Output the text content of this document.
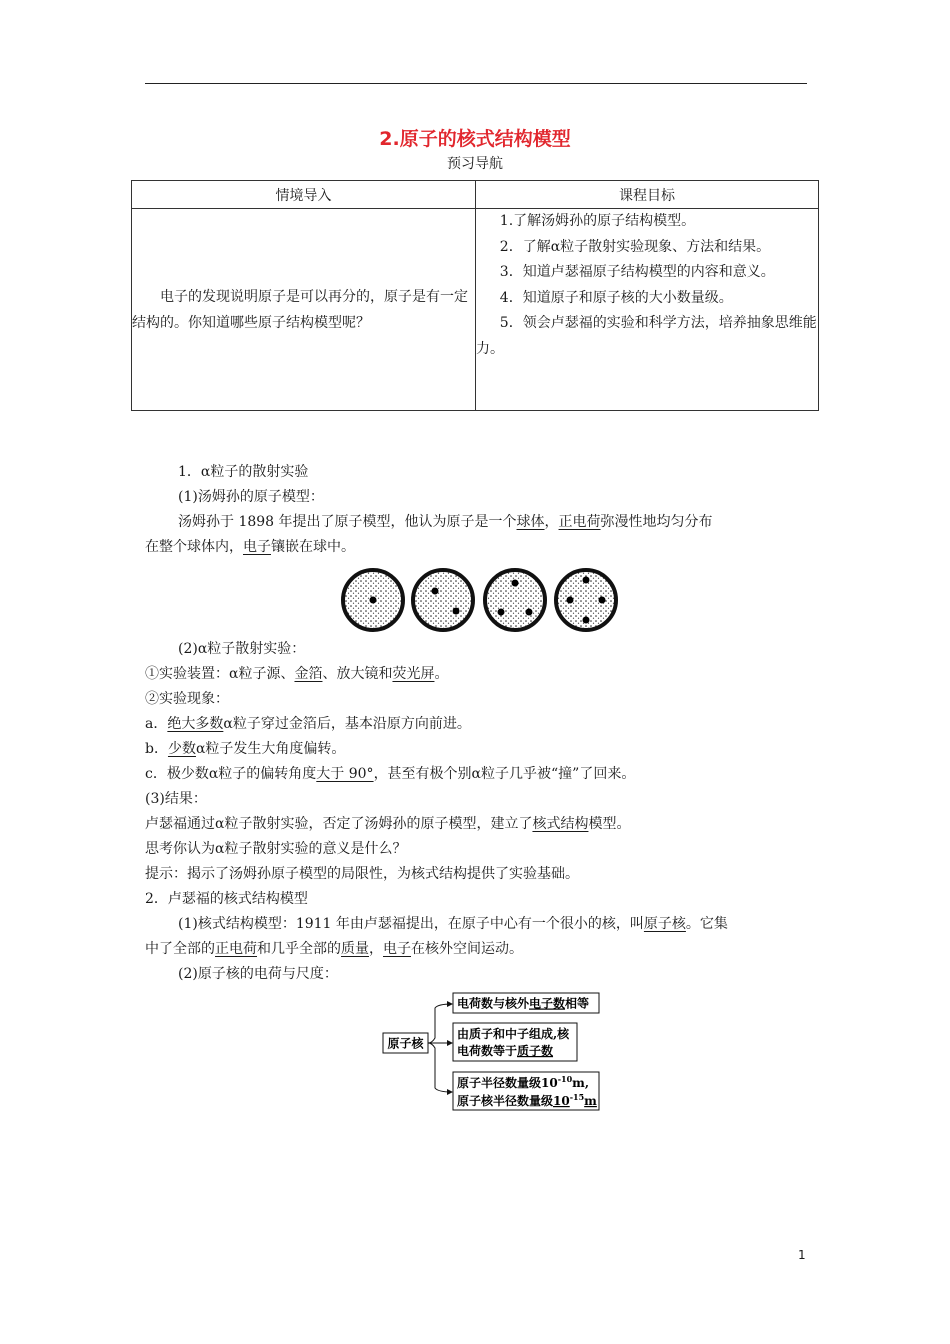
2.原子的核式结构模型
预习导航
情境导入	课程目标
电子的发现说明原子是可以再分的，原子是有一定结构的。你知道哪些原子结构模型呢？	1.了解汤姆孙的原子结构模型。
2．了解α粒子散射实验现象、方法和结果。
3．知道卢瑟福原子结构模型的内容和意义。
4．知道原子和原子核的大小数量级。
5．领会卢瑟福的实验和科学方法，培养抽象思维能力。

1．α粒子的散射实验

(1)汤姆孙的原子模型：

汤姆孙于 1898 年提出了原子模型，他认为原子是一个球体，正电荷弥漫性地均匀分布
在整个球体内，电子镶嵌在球中。

(2)α粒子散射实验：

①实验装置：α粒子源、金箔、放大镜和荧光屏。

②实验现象：

a．绝大多数α粒子穿过金箔后，基本沿原方向前进。

b．少数α粒子发生大角度偏转。

c．极少数α粒子的偏转角度大于 90°，甚至有极个别α粒子几乎被“撞”了回来。

(3)结果：

卢瑟福通过α粒子散射实验，否定了汤姆孙的原子模型，建立了核式结构模型。

思考你认为α粒子散射实验的意义是什么？

提示：揭示了汤姆孙原子模型的局限性，为核式结构提供了实验基础。

2．卢瑟福的核式结构模型

(1)核式结构模型：1911 年由卢瑟福提出，在原子中心有一个很小的核，叫原子核。它集
中了全部的正电荷和几乎全部的质量，电子在核外空间运动。

(2)原子核的电荷与尺度：

原子核
电荷数与核外电子数相等
由质子和中子组成,核
电荷数等于质子数
原子半径数量级$10^{-10}m$,
原子核半径数量级$10^{-15}m$
1
